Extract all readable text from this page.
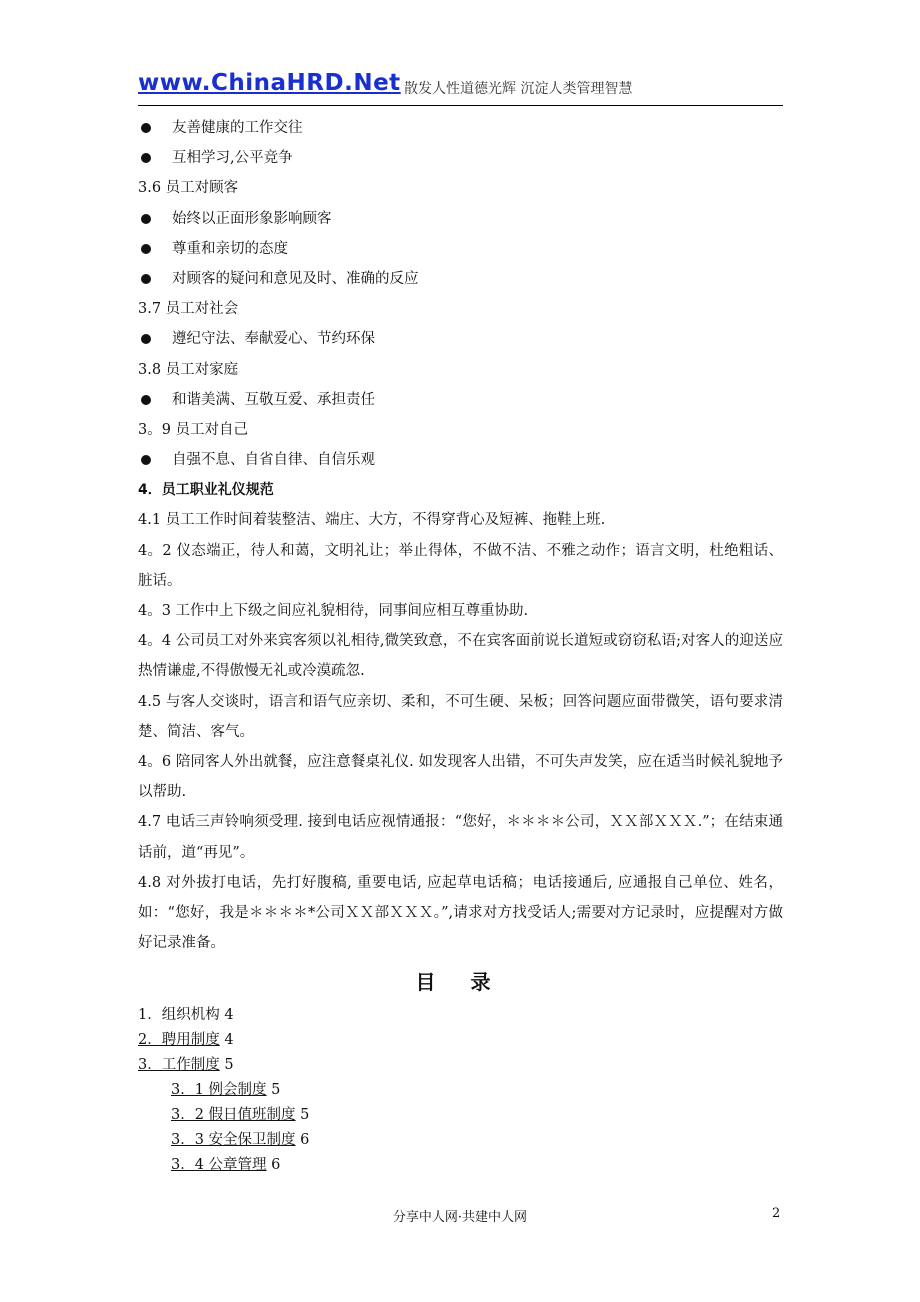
www.ChinaHRD.Net 散发人性道德光辉 沉淀人类管理智慧
友善健康的工作交往
互相学习,公平竞争
3.6 员工对顾客
始终以正面形象影响顾客
尊重和亲切的态度
对顾客的疑问和意见及时、准确的反应
3.7 员工对社会
遵纪守法、奉献爱心、节约环保
3.8 员工对家庭
和谐美满、互敬互爱、承担责任
3。9 员工对自己
自强不息、自省自律、自信乐观
4．员工职业礼仪规范
4.1 员工工作时间着装整洁、端庄、大方，不得穿背心及短裤、拖鞋上班.
4。2 仪态端正，待人和蔼，文明礼让；举止得体，不做不洁、不雅之动作；语言文明，杜绝粗话、脏话。
4。3 工作中上下级之间应礼貌相待，同事间应相互尊重协助.
4。4 公司员工对外来宾客须以礼相待,微笑致意，不在宾客面前说长道短或窃窃私语;对客人的迎送应热情谦虚,不得傲慢无礼或冷漠疏忽.
4.5 与客人交谈时，语言和语气应亲切、柔和，不可生硬、呆板；回答问题应面带微笑，语句要求清楚、简洁、客气。
4。6 陪同客人外出就餐，应注意餐桌礼仪. 如发现客人出错，不可失声发笑，应在适当时候礼貌地予以帮助.
4.7 电话三声铃响须受理. 接到电话应视情通报：“您好，＊＊＊＊公司，ＸＸ部ＸＸＸ.”；在结束通话前，道“再见”。
4.8 对外拔打电话，先打好腹稿, 重要电话, 应起草电话稿；电话接通后, 应通报自己单位、姓名，如：“您好，我是＊＊＊＊*公司ＸＸ部ＸＸＸ。”,请求对方找受话人;需要对方记录时，应提醒对方做好记录准备。
目 录
1．组织机构 4
2．聘用制度 4
3．工作制度 5
3．1 例会制度 5
3．2 假日值班制度 5
3．3 安全保卫制度 6
3．4 公章管理 6
分享中人网·共建中人网	2
